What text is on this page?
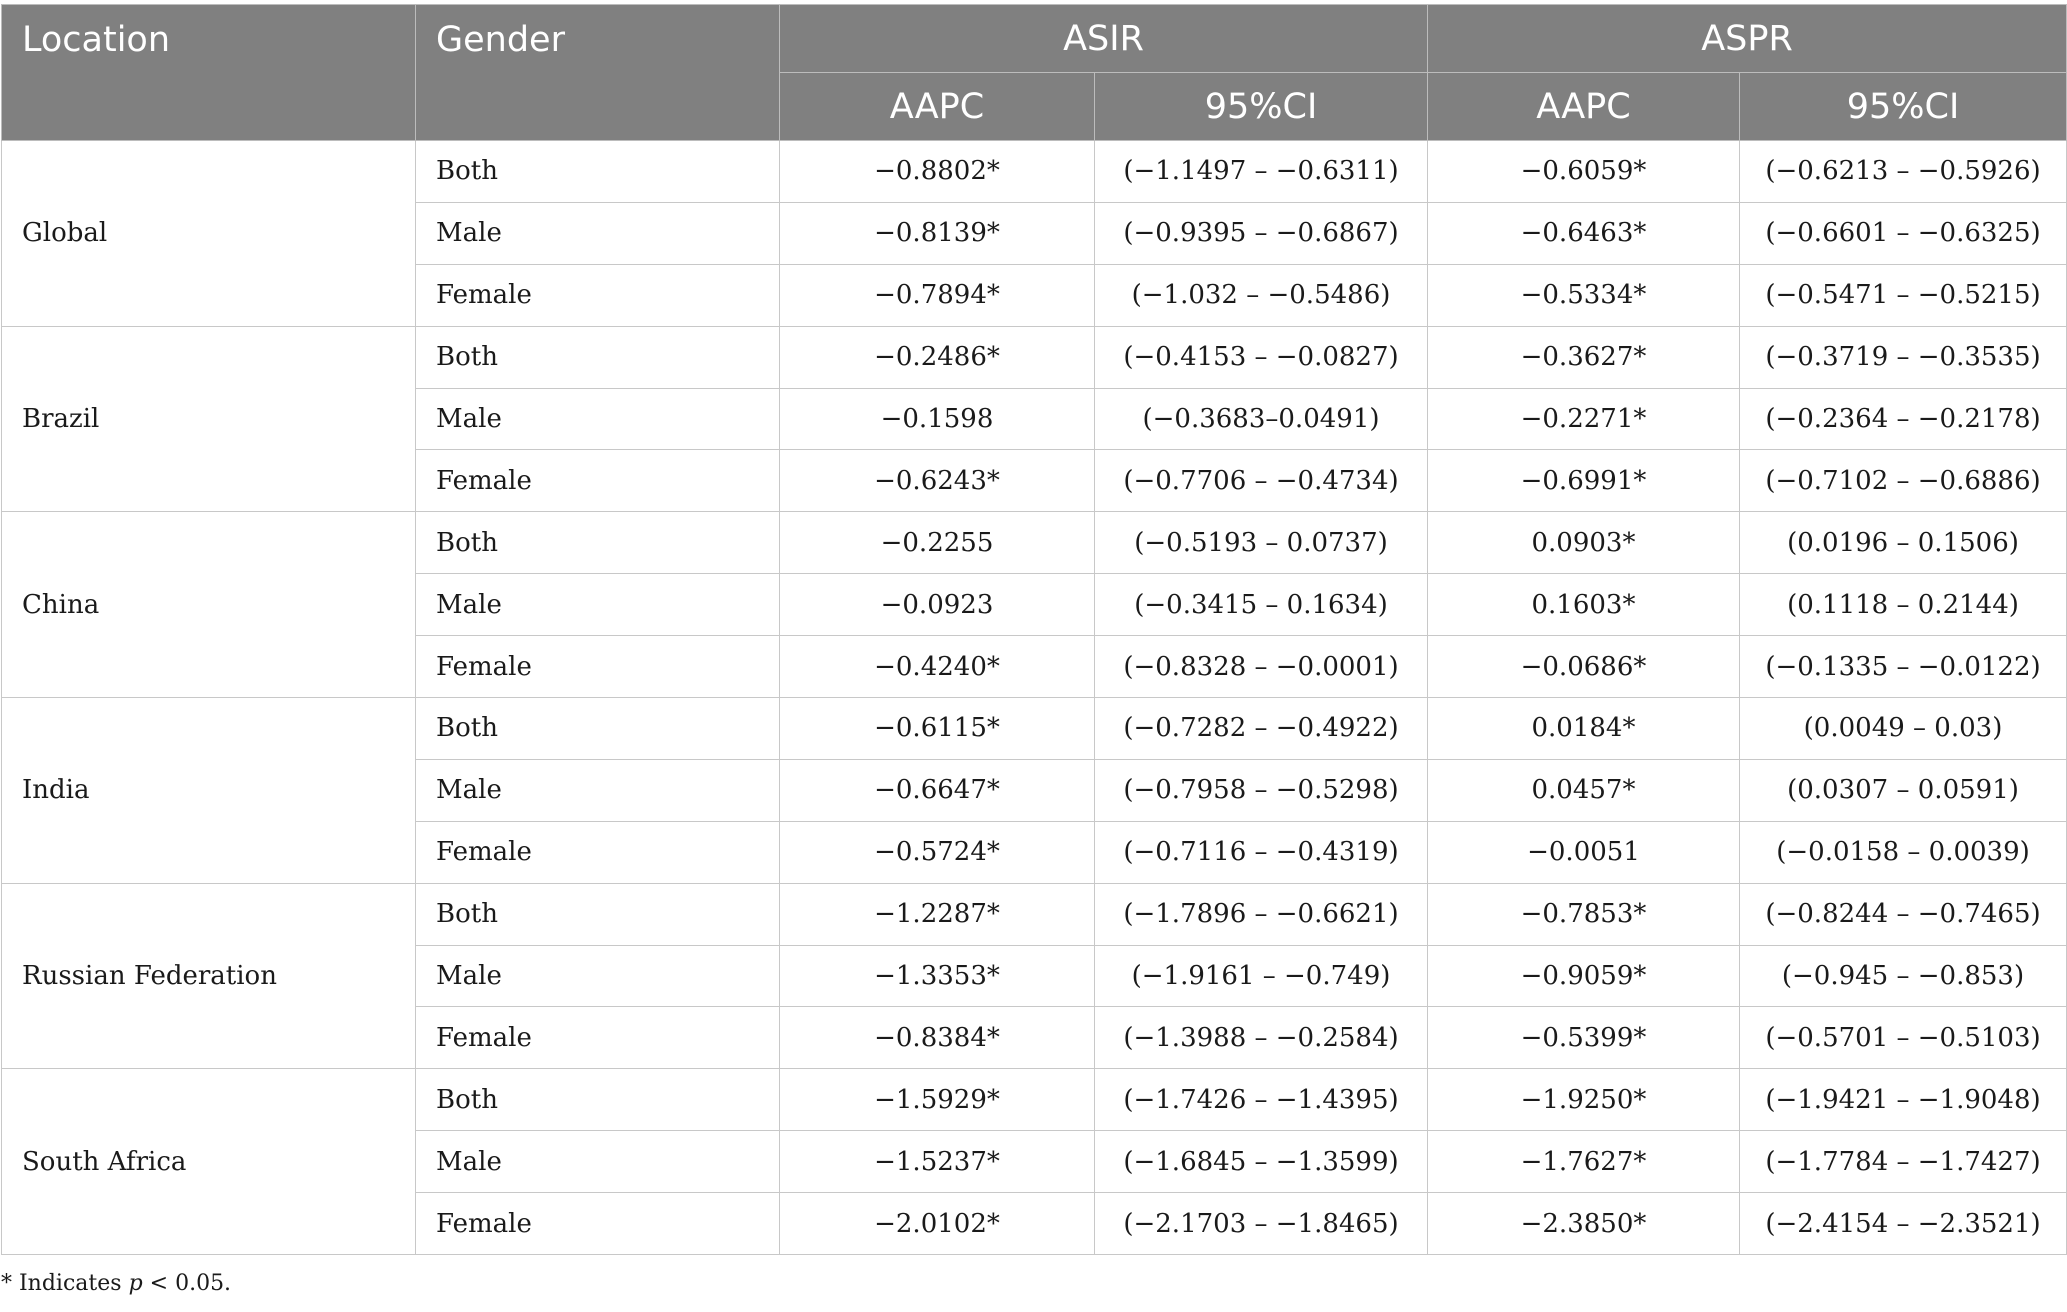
Location	Gender	ASIR		ASPR	
		AAPC	95%CI	AAPC	95%CI
Global	Both	−0.8802*	(−1.1497 – −0.6311)	−0.6059*	(−0.6213 – −0.5926)
	Male	−0.8139*	(−0.9395 – −0.6867)	−0.6463*	(−0.6601 – −0.6325)
	Female	−0.7894*	(−1.032 – −0.5486)	−0.5334*	(−0.5471 – −0.5215)
Brazil	Both	−0.2486*	(−0.4153 – −0.0827)	−0.3627*	(−0.3719 – −0.3535)
	Male	−0.1598	(−0.3683–0.0491)	−0.2271*	(−0.2364 – −0.2178)
	Female	−0.6243*	(−0.7706 – −0.4734)	−0.6991*	(−0.7102 – −0.6886)
China	Both	−0.2255	(−0.5193 – 0.0737)	0.0903*	(0.0196 – 0.1506)
	Male	−0.0923	(−0.3415 – 0.1634)	0.1603*	(0.1118 – 0.2144)
	Female	−0.4240*	(−0.8328 – −0.0001)	−0.0686*	(−0.1335 – −0.0122)
India	Both	−0.6115*	(−0.7282 – −0.4922)	0.0184*	(0.0049 – 0.03)
	Male	−0.6647*	(−0.7958 – −0.5298)	0.0457*	(0.0307 – 0.0591)
	Female	−0.5724*	(−0.7116 – −0.4319)	−0.0051	(−0.0158 – 0.0039)
Russian Federation	Both	−1.2287*	(−1.7896 – −0.6621)	−0.7853*	(−0.8244 – −0.7465)
	Male	−1.3353*	(−1.9161 – −0.749)	−0.9059*	(−0.945 – −0.853)
	Female	−0.8384*	(−1.3988 – −0.2584)	−0.5399*	(−0.5701 – −0.5103)
South Africa	Both	−1.5929*	(−1.7426 – −1.4395)	−1.9250*	(−1.9421 – −1.9048)
	Male	−1.5237*	(−1.6845 – −1.3599)	−1.7627*	(−1.7784 – −1.7427)
	Female	−2.0102*	(−2.1703 – −1.8465)	−2.3850*	(−2.4154 – −2.3521)
* Indicates p < 0.05.
